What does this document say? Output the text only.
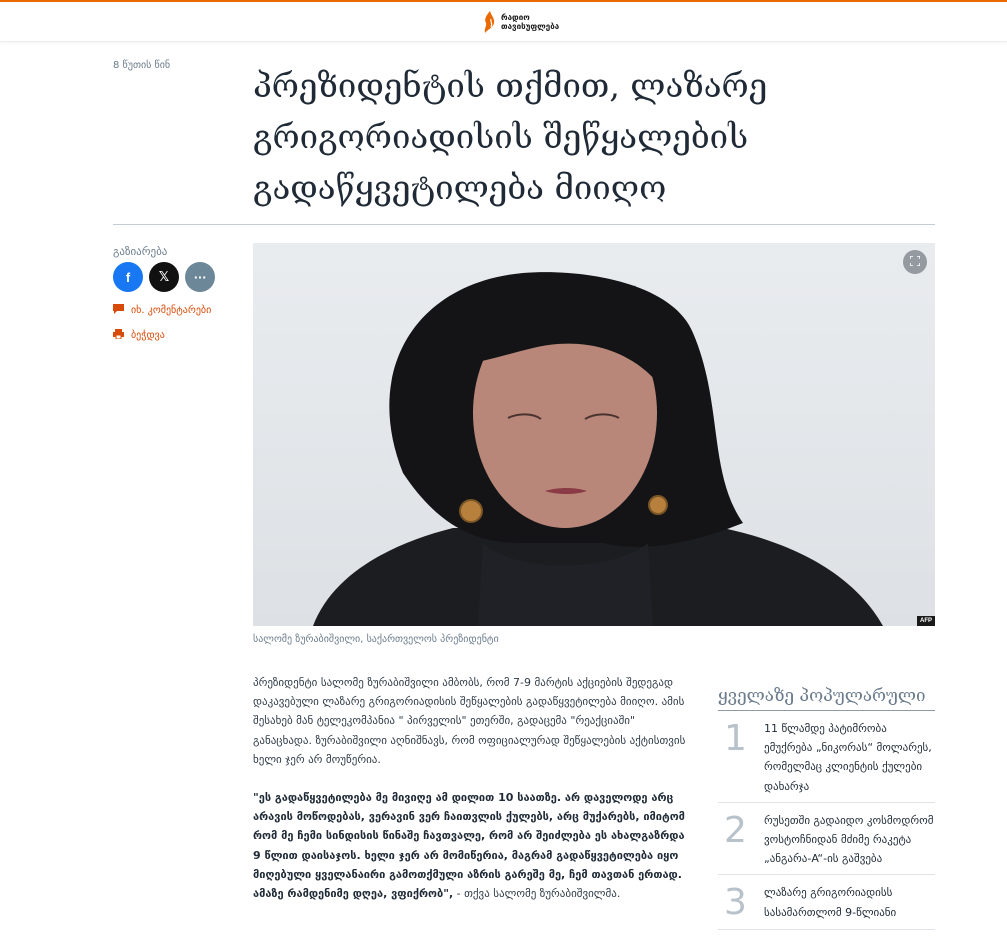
რადიო
თავისუფლება
8 წუთის წინ
პრეზიდენტის თქმით, ლაზარე გრიგორიადისის შეწყალების გადაწყვეტილება მიიღო
გაზიარება
f 𝕏 ···
იხ. კომენტარები
ბეჭდვა
AFP
სალომე ზურაბიშვილი, საქართველოს პრეზიდენტი

პრეზიდენტი სალომე ზურაბიშვილი ამბობს, რომ 7-9 მარტის აქციების შედეგად დაკავებული ლაზარე გრიგორიადისის შეწყალების გადაწყვეტილება მიიღო. ამის შესახებ მან ტელეკომპანია " პირველის" ეთერში, გადაცემა "რეაქციაში" განაცხადა. ზურაბიშვილი აღნიშნავს, რომ ოფიციალურად შეწყალების აქტისთვის ხელი ჯერ არ მოუწერია.

"ეს გადაწყვეტილება მე მივიღე ამ დილით 10 საათზე. არ დაველოდე არც არავის მოწოდებას, ვერავინ ვერ ჩაითვლის ქულებს, არც მუქარებს, იმიტომ რომ მე ჩემი სინდისის წინაშე ჩავთვალე, რომ არ შეიძლება ეს ახალგაზრდა 9 წლით დაისაჯოს. ხელი ჯერ არ მომიწერია, მაგრამ გადაწყვეტილება იყო მიღებული ყველანაირი გამოთქმული აზრის გარეშე მე, ჩემ თავთან ერთად. ამაზე რამდენიმე დღეა, ვფიქრობ", - თქვა სალომე ზურაბიშვილმა.

ყველაზე პოპულარული
1	11 წლამდე პატიმრობა ემუქრება „ნიკორას“ მოლარეს, რომელმაც კლიენტის ქულები დახარჯა
2	რუსეთში გადაიდო კოსმოდრომ ვოსტოჩნიდან მძიმე რაკეტა „ანგარა-A“-ის გაშვება
3	ლაზარე გრიგორიადისს სასამართლომ 9-წლიანი
